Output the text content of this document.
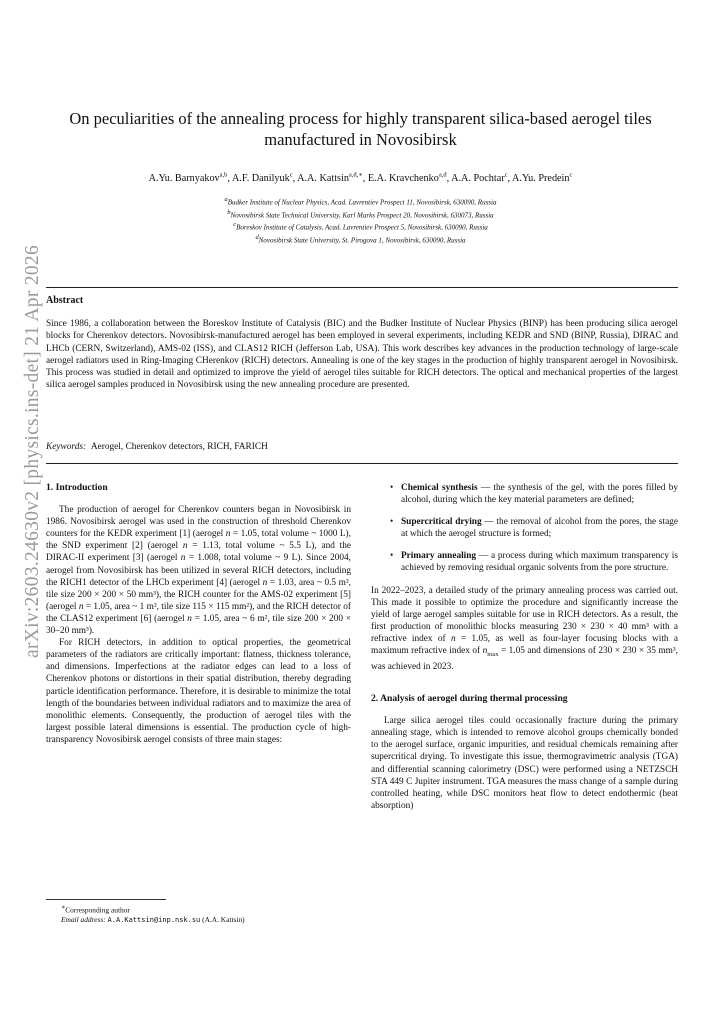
arXiv:2603.24630v2 [physics.ins-det] 21 Apr 2026
On peculiarities of the annealing process for highly transparent silica-based aerogel tiles manufactured in Novosibirsk
A.Yu. Barnyakov$^{a,b}$, A.F. Danilyuk$^c$, A.A. Kattsin$^{a,d,∗}$, E.A. Kravchenko$^{a,d}$, A.A. Pochtar$^c$, A.Yu. Predein$^c$
$^a$Budker Institute of Nuclear Physics, Acad. Lavrentiev Prospect 11, Novosibirsk, 630090, Russia
$^b$Novosibirsk State Technical University, Karl Marks Prospect 20, Novosibirsk, 630073, Russia
$^c$Boreskov Institute of Catalysis, Acad. Lavrentiev Prospect 5, Novosibirsk, 630090, Russia
$^d$Novosibirsk State University, St. Pirogova 1, Novosibirsk, 630090, Russia
Abstract
Since 1986, a collaboration between the Boreskov Institute of Catalysis (BIC) and the Budker Institute of Nuclear Physics (BINP) has been producing silica aerogel blocks for Cherenkov detectors. Novosibirsk-manufactured aerogel has been employed in several experiments, including KEDR and SND (BINP, Russia), DIRAC and LHCb (CERN, Switzerland), AMS-02 (ISS), and CLAS12 RICH (Jefferson Lab, USA). This work describes key advances in the production technology of large-scale aerogel radiators used in Ring-Imaging CHerenkov (RICH) detectors. Annealing is one of the key stages in the production of highly transparent aerogel in Novosibirsk. This process was studied in detail and optimized to improve the yield of aerogel tiles suitable for RICH detectors. The optical and mechanical properties of the largest silica aerogel samples produced in Novosibirsk using the new annealing procedure are presented.
Keywords: Aerogel, Cherenkov detectors, RICH, FARICH
1. Introduction

The production of aerogel for Cherenkov counters began in Novosibirsk in 1986. Novosibirsk aerogel was used in the construction of threshold Cherenkov counters for the KEDR experiment [1] (aerogel n = 1.05, total volume ~ 1000 L), the SND experiment [2] (aerogel n = 1.13, total volume ~ 5.5 L), and the DIRAC-II experiment [3] (aerogel n = 1.008, total volume ~ 9 L). Since 2004, aerogel from Novosibirsk has been utilized in several RICH detectors, including the RICH1 detector of the LHCb experiment [4] (aerogel n = 1.03, area ~ 0.5 m², tile size 200 × 200 × 50 mm³), the RICH counter for the AMS-02 experiment [5] (aerogel n = 1.05, area ~ 1 m², tile size 115 × 115 mm²), and the RICH detector of the CLAS12 experiment [6] (aerogel n = 1.05, area ~ 6 m², tile size 200 × 200 × 30–20 mm³).

For RICH detectors, in addition to optical properties, the geometrical parameters of the radiators are critically important: flatness, thickness tolerance, and dimensions. Imperfections at the radiator edges can lead to a loss of Cherenkov photons or distortions in their spatial distribution, thereby degrading particle identification performance. Therefore, it is desirable to minimize the total length of the boundaries between individual radiators and to maximize the area of monolithic elements. Consequently, the production of aerogel tiles with the largest possible lateral dimensions is essential. The production cycle of high-transparency Novosibirsk aerogel consists of three main stages:

• Chemical synthesis — the synthesis of the gel, with the pores filled by alcohol, during which the key material parameters are defined;
• Supercritical drying — the removal of alcohol from the pores, the stage at which the aerogel structure is formed;
• Primary annealing — a process during which maximum transparency is achieved by removing residual organic solvents from the pore structure.

In 2022–2023, a detailed study of the primary annealing process was carried out. This made it possible to optimize the procedure and significantly increase the yield of large aerogel samples suitable for use in RICH detectors. As a result, the first production of monolithic blocks measuring 230 × 230 × 40 mm³ with a refractive index of n = 1.05, as well as four-layer focusing blocks with a maximum refractive index of $n_{max} = 1.05$ and dimensions of 230 × 230 × 35 mm³, was achieved in 2023.

2. Analysis of aerogel during thermal processing

Large silica aerogel tiles could occasionally fracture during the primary annealing stage, which is intended to remove alcohol groups chemically bonded to the aerogel surface, organic impurities, and residual chemicals remaining after supercritical drying. To investigate this issue, thermogravimetric analysis (TGA) and differential scanning calorimetry (DSC) were performed using a NETZSCH STA 449 C Jupiter instrument. TGA measures the mass change of a sample during controlled heating, while DSC monitors heat flow to detect endothermic (heat absorption)

∗Corresponding author
Email address: A.A.Kattsin@inp.nsk.su (A.A. Kattsin)
